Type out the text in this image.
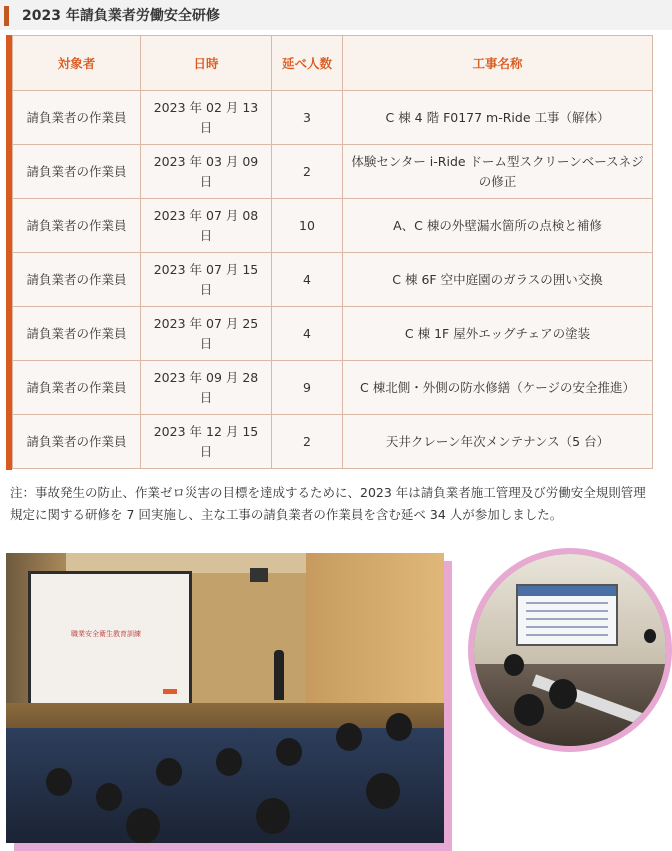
2023 年請負業者労働安全研修
対象者	日時	延べ人数	工事名称
請負業者の作業員	2023 年 02 月 13 日	3	C 棟 4 階 F0177 m-Ride 工事（解体）
請負業者の作業員	2023 年 03 月 09 日	2	体験センター i-Ride ドーム型スクリーンベースネジの修正
請負業者の作業員	2023 年 07 月 08 日	10	A、C 棟の外壁漏水箇所の点検と補修
請負業者の作業員	2023 年 07 月 15 日	4	C 棟 6F 空中庭園のガラスの囲い交換
請負業者の作業員	2023 年 07 月 25 日	4	C 棟 1F 屋外エッグチェアの塗装
請負業者の作業員	2023 年 09 月 28 日	9	C 棟北側・外側の防水修繕（ケージの安全推進）
請負業者の作業員	2023 年 12 月 15 日	2	天井クレーン年次メンテナンス（5 台）
注：事故発生の防止、作業ゼロ災害の目標を達成するために、2023 年は請負業者施工管理及び労働安全規則管理規定に関する研修を 7 回実施し、主な工事の請負業者の作業員を含む延べ 34 人が参加しました。
職業安全衛生教育訓練
